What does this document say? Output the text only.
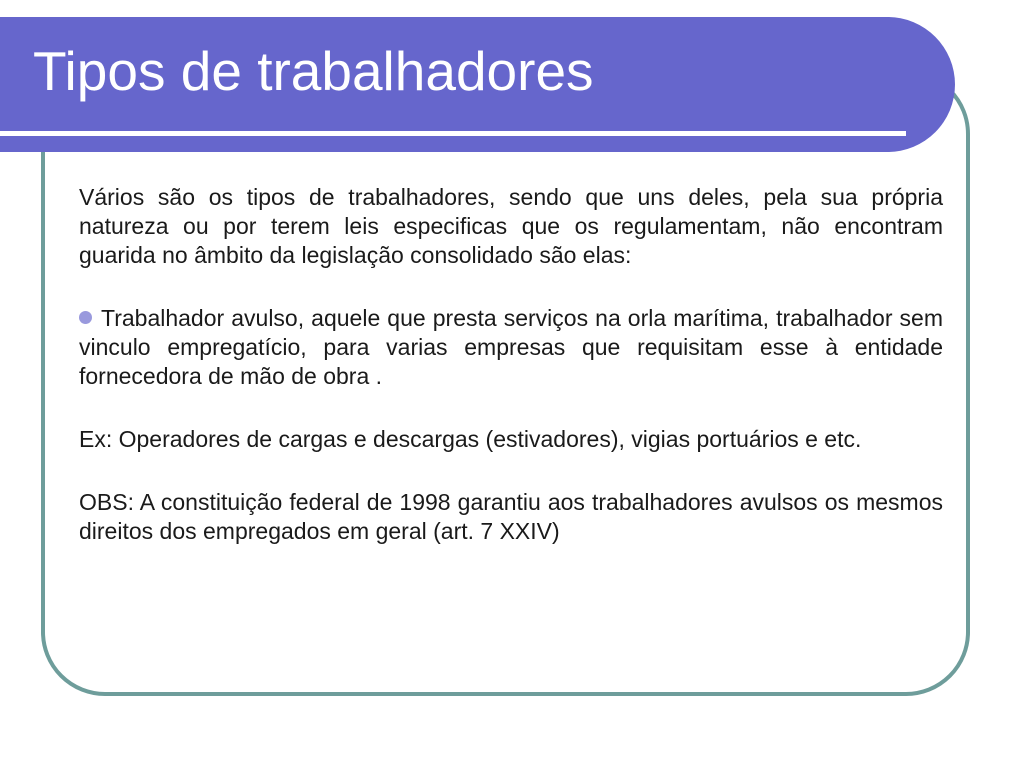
Tipos de trabalhadores

Vários são os tipos de trabalhadores, sendo que uns deles, pela sua própria natureza ou por terem leis especificas que os regulamentam, não encontram guarida no âmbito da legislação consolidado são elas:

Trabalhador avulso, aquele que presta serviços na orla marítima, trabalhador sem vinculo empregatício, para varias empresas que requisitam esse à entidade fornecedora de mão de obra .

Ex: Operadores de cargas e descargas (estivadores), vigias portuários e etc.

OBS: A constituição federal de 1998 garantiu aos trabalhadores avulsos os mesmos direitos dos empregados em geral (art. 7 XXIV)
